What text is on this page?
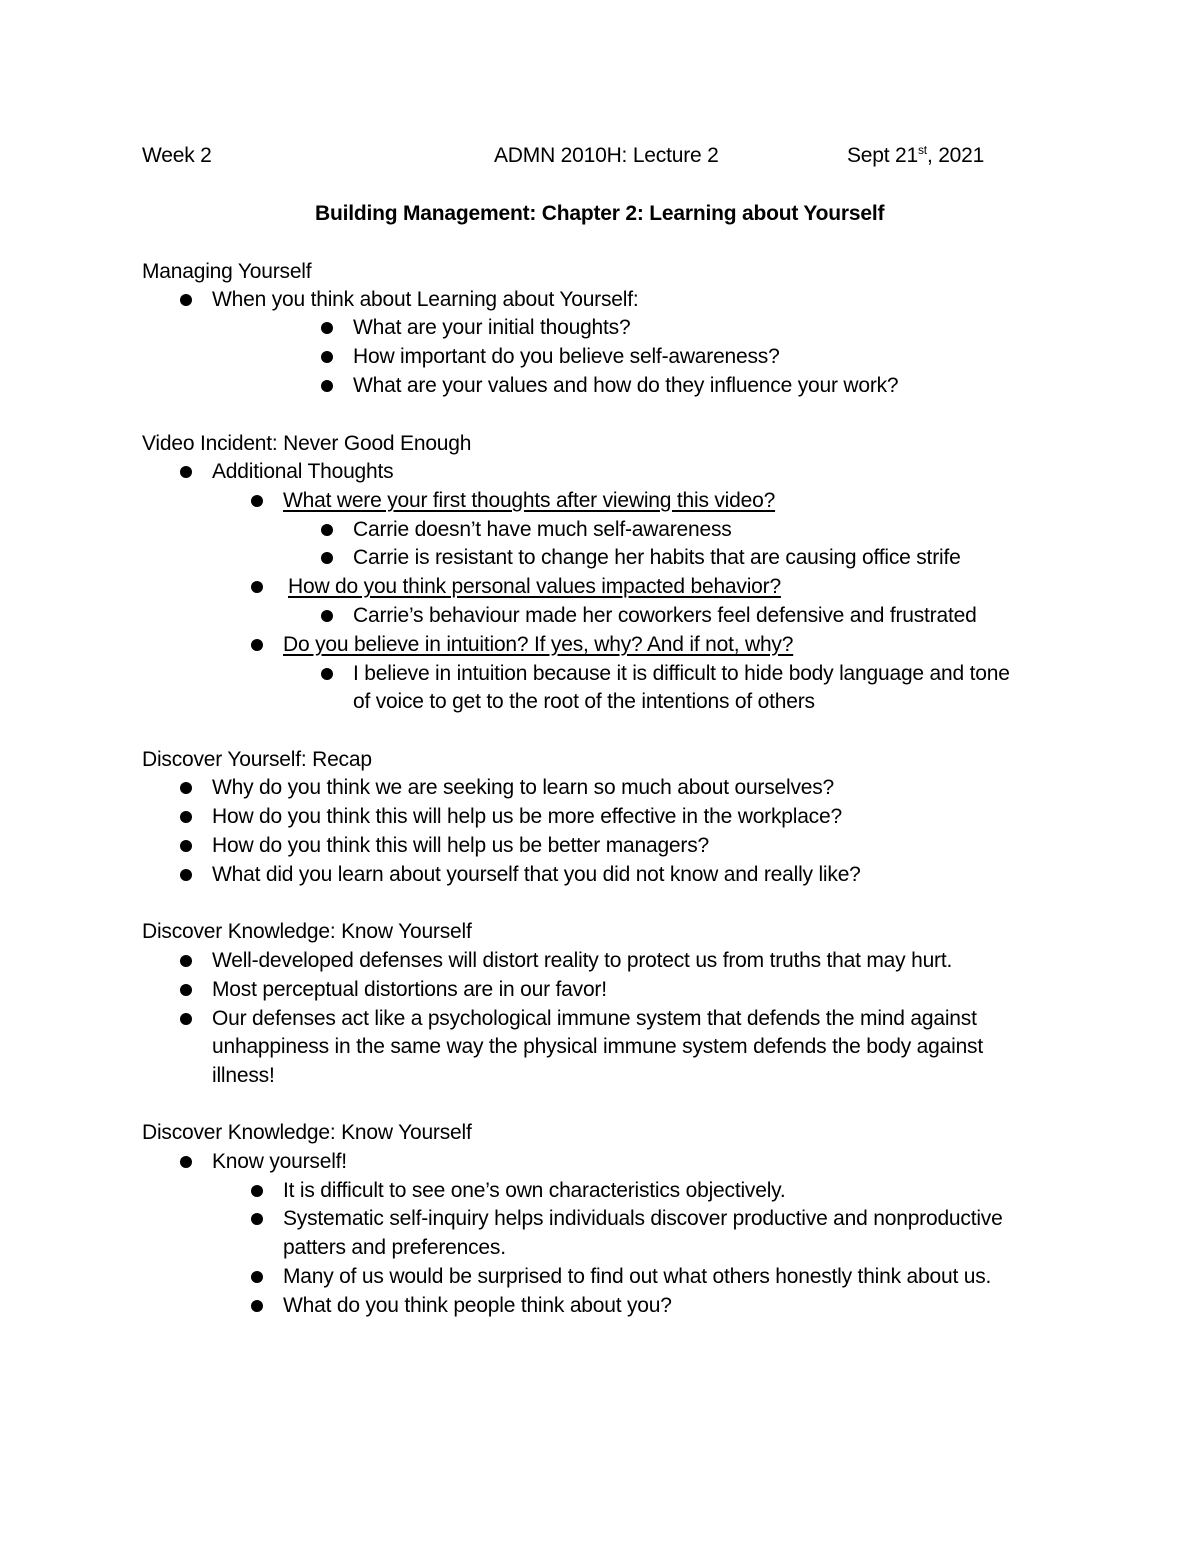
Week 2	ADMN 2010H: Lecture 2	Sept 21st, 2021
Building Management: Chapter 2: Learning about Yourself
Managing Yourself
When you think about Learning about Yourself:
What are your initial thoughts?
How important do you believe self-awareness?
What are your values and how do they influence your work?
Video Incident: Never Good Enough
Additional Thoughts
What were your first thoughts after viewing this video?
Carrie doesn’t have much self-awareness
Carrie is resistant to change her habits that are causing office strife
How do you think personal values impacted behavior?
Carrie’s behaviour made her coworkers feel defensive and frustrated
Do you believe in intuition? If yes, why? And if not, why?
I believe in intuition because it is difficult to hide body language and tone
of voice to get to the root of the intentions of others
Discover Yourself: Recap
Why do you think we are seeking to learn so much about ourselves?
How do you think this will help us be more effective in the workplace?
How do you think this will help us be better managers?
What did you learn about yourself that you did not know and really like?
Discover Knowledge: Know Yourself
Well-developed defenses will distort reality to protect us from truths that may hurt.
Most perceptual distortions are in our favor!
Our defenses act like a psychological immune system that defends the mind against
unhappiness in the same way the physical immune system defends the body against
illness!
Discover Knowledge: Know Yourself
Know yourself!
It is difficult to see one’s own characteristics objectively.
Systematic self-inquiry helps individuals discover productive and nonproductive
patters and preferences.
Many of us would be surprised to find out what others honestly think about us.
What do you think people think about you?
